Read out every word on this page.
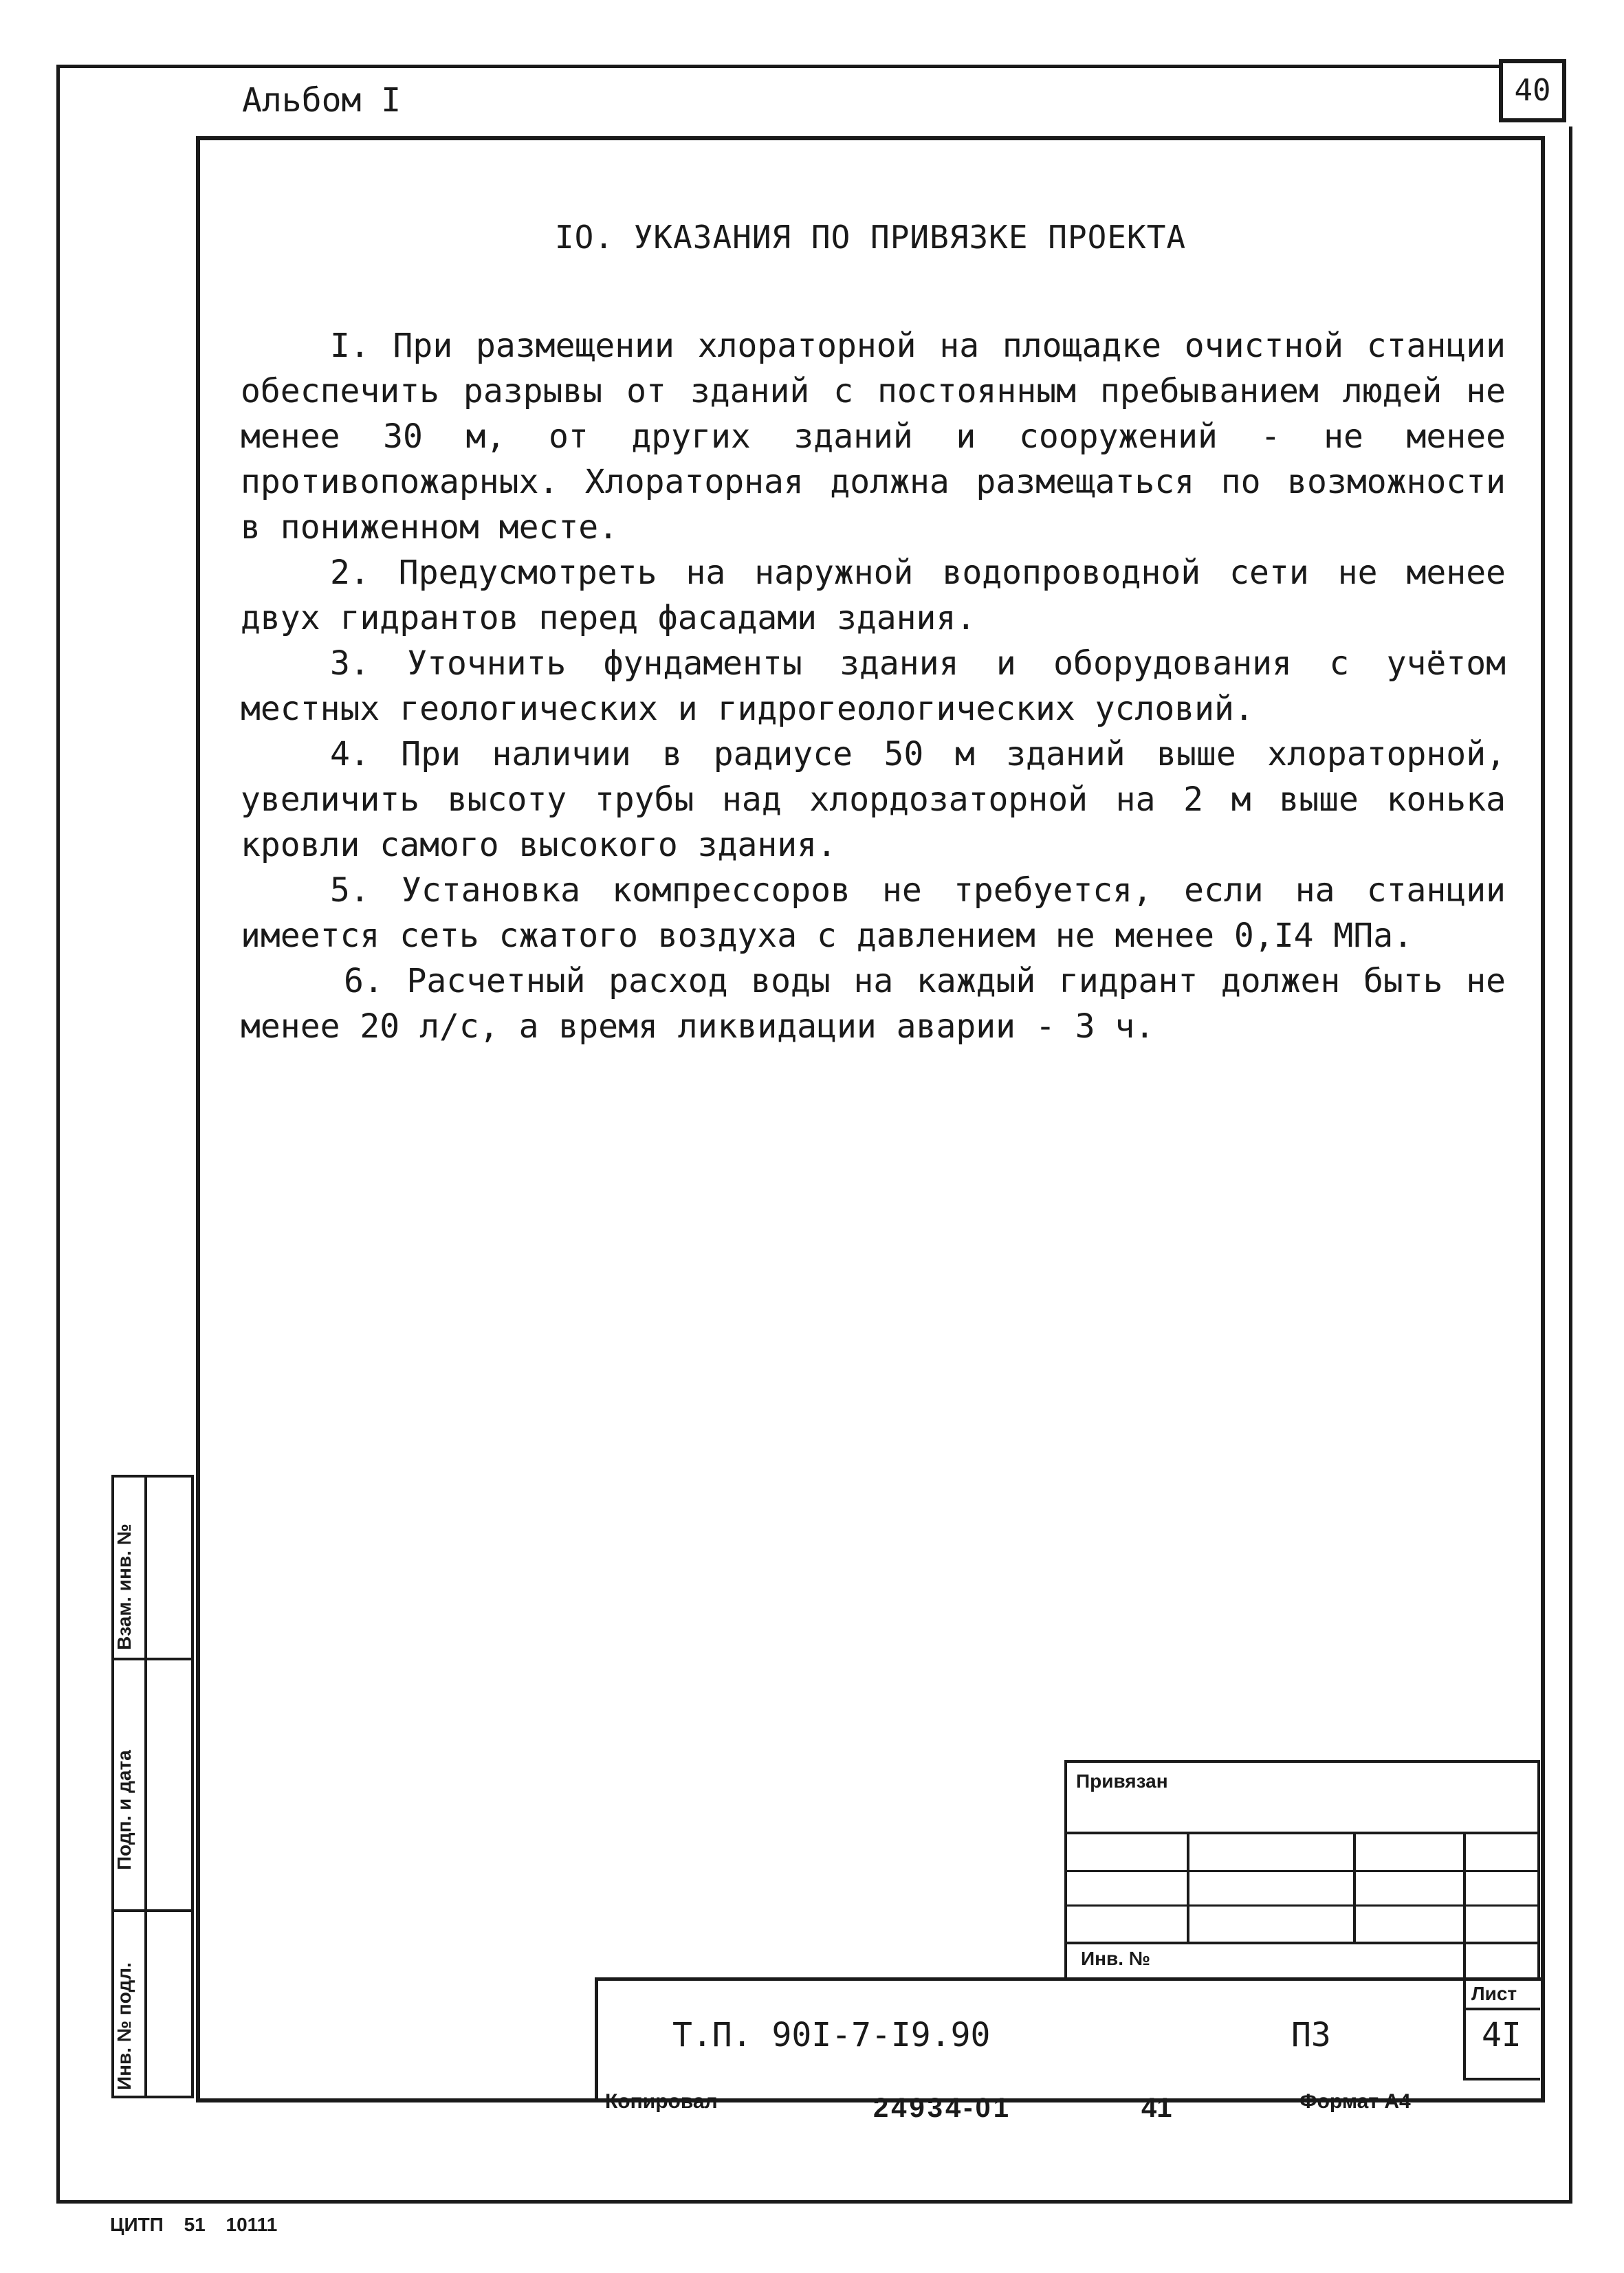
Альбом I	40
IO. УКАЗАНИЯ ПО ПРИВЯЗКЕ ПРОЕКТА

I. При размещении хлораторной на площадке очистной станции обеспечить разрывы от зданий с постоянным пребыванием людей не менее 30 м, от других зданий и сооружений - не менее противопожарных. Хлораторная должна размещаться по возможности в пониженном месте.

2. Предусмотреть на наружной водопроводной сети не менее двух гидрантов перед фасадами здания.

3. Уточнить фундаменты здания и оборудования с учётом местных геологических и гидрогеологических условий.

4. При наличии в радиусе 50 м зданий выше хлораторной, увеличить высоту трубы над хлордозаторной на 2 м выше конька кровли самого высокого здания.

5. Установка компрессоров не требуется, если на станции имеется сеть сжатого воздуха с давлением не менее 0,I4 МПа.

6. Расчетный расход воды на каждый гидрант должен быть не менее 20 л/с, а время ликвидации аварии - 3 ч.

Взам. инв. №
Подп. и дата
Инв. № подл.
Привязан
Инв. №
Т.П. 90I-7-I9.90	ПЗ
Лист
4I
Копировал	24934-01	41	Формат А4
ЦИТП 51 10111
